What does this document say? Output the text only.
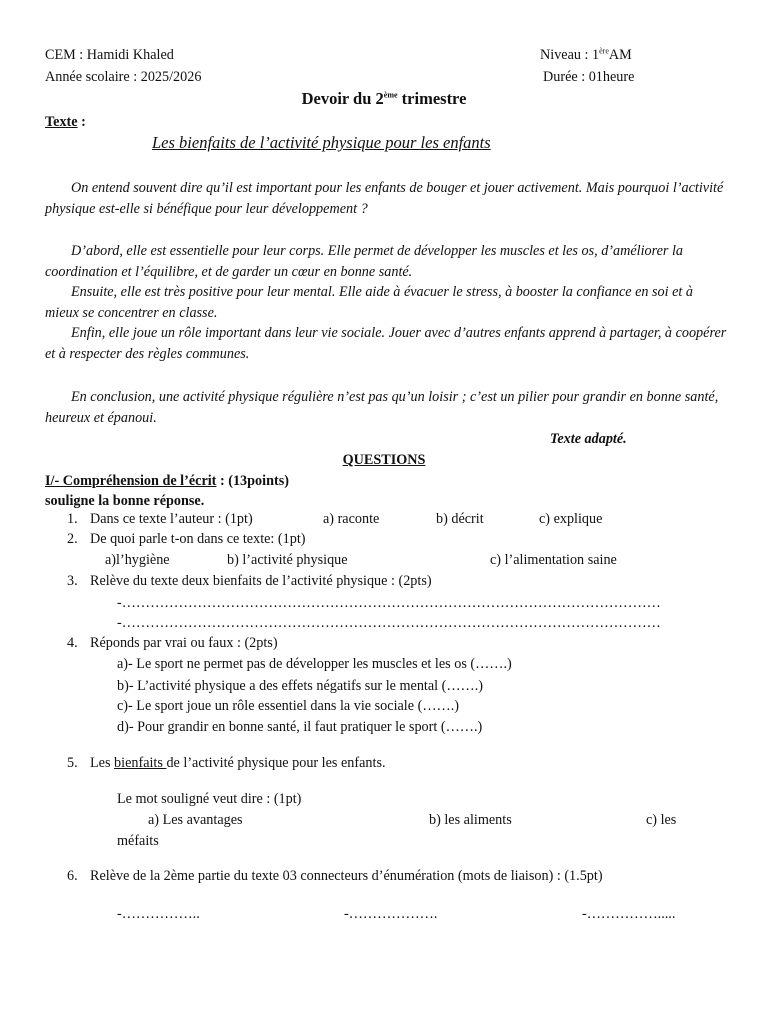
CEM : Hamidi Khaled
Année scolaire : 2025/2026
Niveau : 1èreAM
Durée : 01heure
Devoir du 2ème trimestre
Texte :
Les bienfaits de l’activité physique pour les enfants

On entend souvent dire qu’il est important pour les enfants de bouger et jouer activement. Mais pourquoi l’activité physique est-elle si bénéfique pour leur développement ?

D’abord, elle est essentielle pour leur corps. Elle permet de développer les muscles et les os, d’améliorer la coordination et l’équilibre, et de garder un cœur en bonne santé.

Ensuite, elle est très positive pour leur mental. Elle aide à évacuer le stress, à booster la confiance en soi et à mieux se concentrer en classe.

Enfin, elle joue un rôle important dans leur vie sociale. Jouer avec d’autres enfants apprend à partager, à coopérer et à respecter des règles communes.

En conclusion, une activité physique régulière n’est pas qu’un loisir ; c’est un pilier pour grandir en bonne santé, heureux et épanoui.

Texte adapté.
QUESTIONS
I/- Compréhension de l’écrit : (13points)
souligne la bonne réponse.
1. Dans ce texte l’auteur : (1pt)	a) raconte	b) décrit	c) explique
2. De quoi parle t-on dans ce texte: (1pt)
a)l’hygiène	b) l’activité physique	c) l’alimentation saine
3. Relève du texte deux bienfaits de l’activité physique : (2pts)
-……………………………………………………………………………………………………
-……………………………………………………………………………………………………
4. Réponds par vrai ou faux : (2pts)
a)- Le sport ne permet pas de développer les muscles et les os (…….)
b)- L’activité physique a des effets négatifs sur le mental (…….)
c)- Le sport joue un rôle essentiel dans la vie sociale (…….)
d)- Pour grandir en bonne santé, il faut pratiquer le sport (…….)
5. Les bienfaits de l’activité physique pour les enfants.
Le mot souligné veut dire : (1pt)
a) Les avantages	b) les aliments	c) les
méfaits
6. Relève de la 2ème partie du texte 03 connecteurs d’énumération (mots de liaison) : (1.5pt)
-……………..	-……………….	-…………….....
